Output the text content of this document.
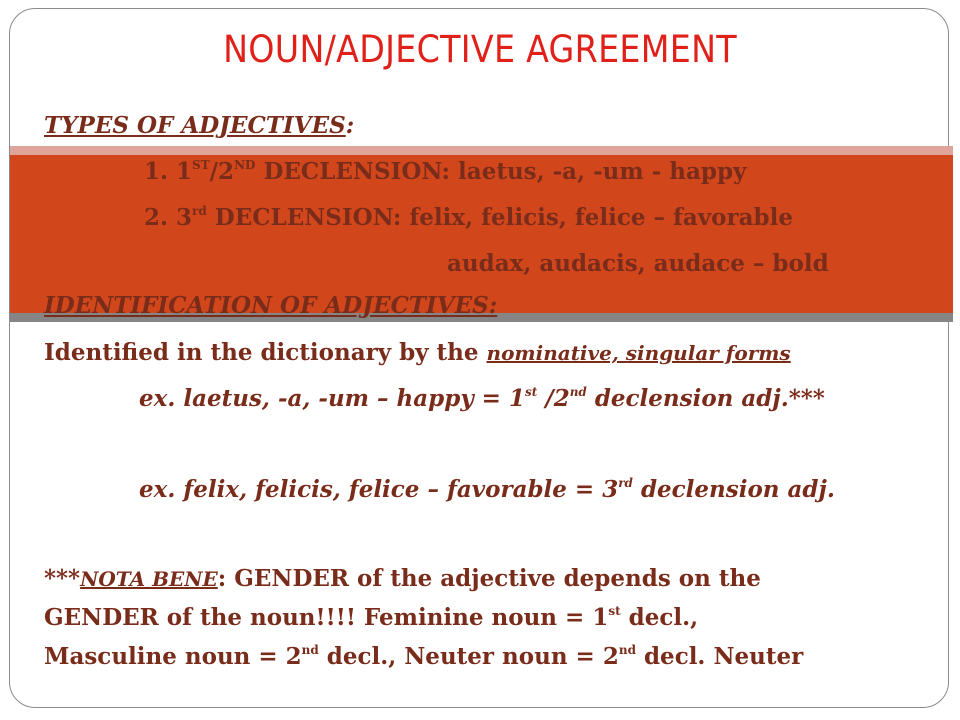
NOUN/ADJECTIVE AGREEMENT
TYPES OF ADJECTIVES:
1. 1ST/2ND DECLENSION: laetus, -a, -um - happy
2. 3rd DECLENSION: felix, felicis, felice – favorable
audax, audacis, audace – bold
IDENTIFICATION OF ADJECTIVES:
Identified in the dictionary by the nominative, singular forms
ex. laetus, -a, -um – happy = 1st /2nd declension adj.***
ex. felix, felicis, felice – favorable = 3rd declension adj.
***NOTA BENE: GENDER of the adjective depends on the
GENDER of the noun!!!! Feminine noun = 1st decl.,
Masculine noun = 2nd decl., Neuter noun = 2nd decl. Neuter
